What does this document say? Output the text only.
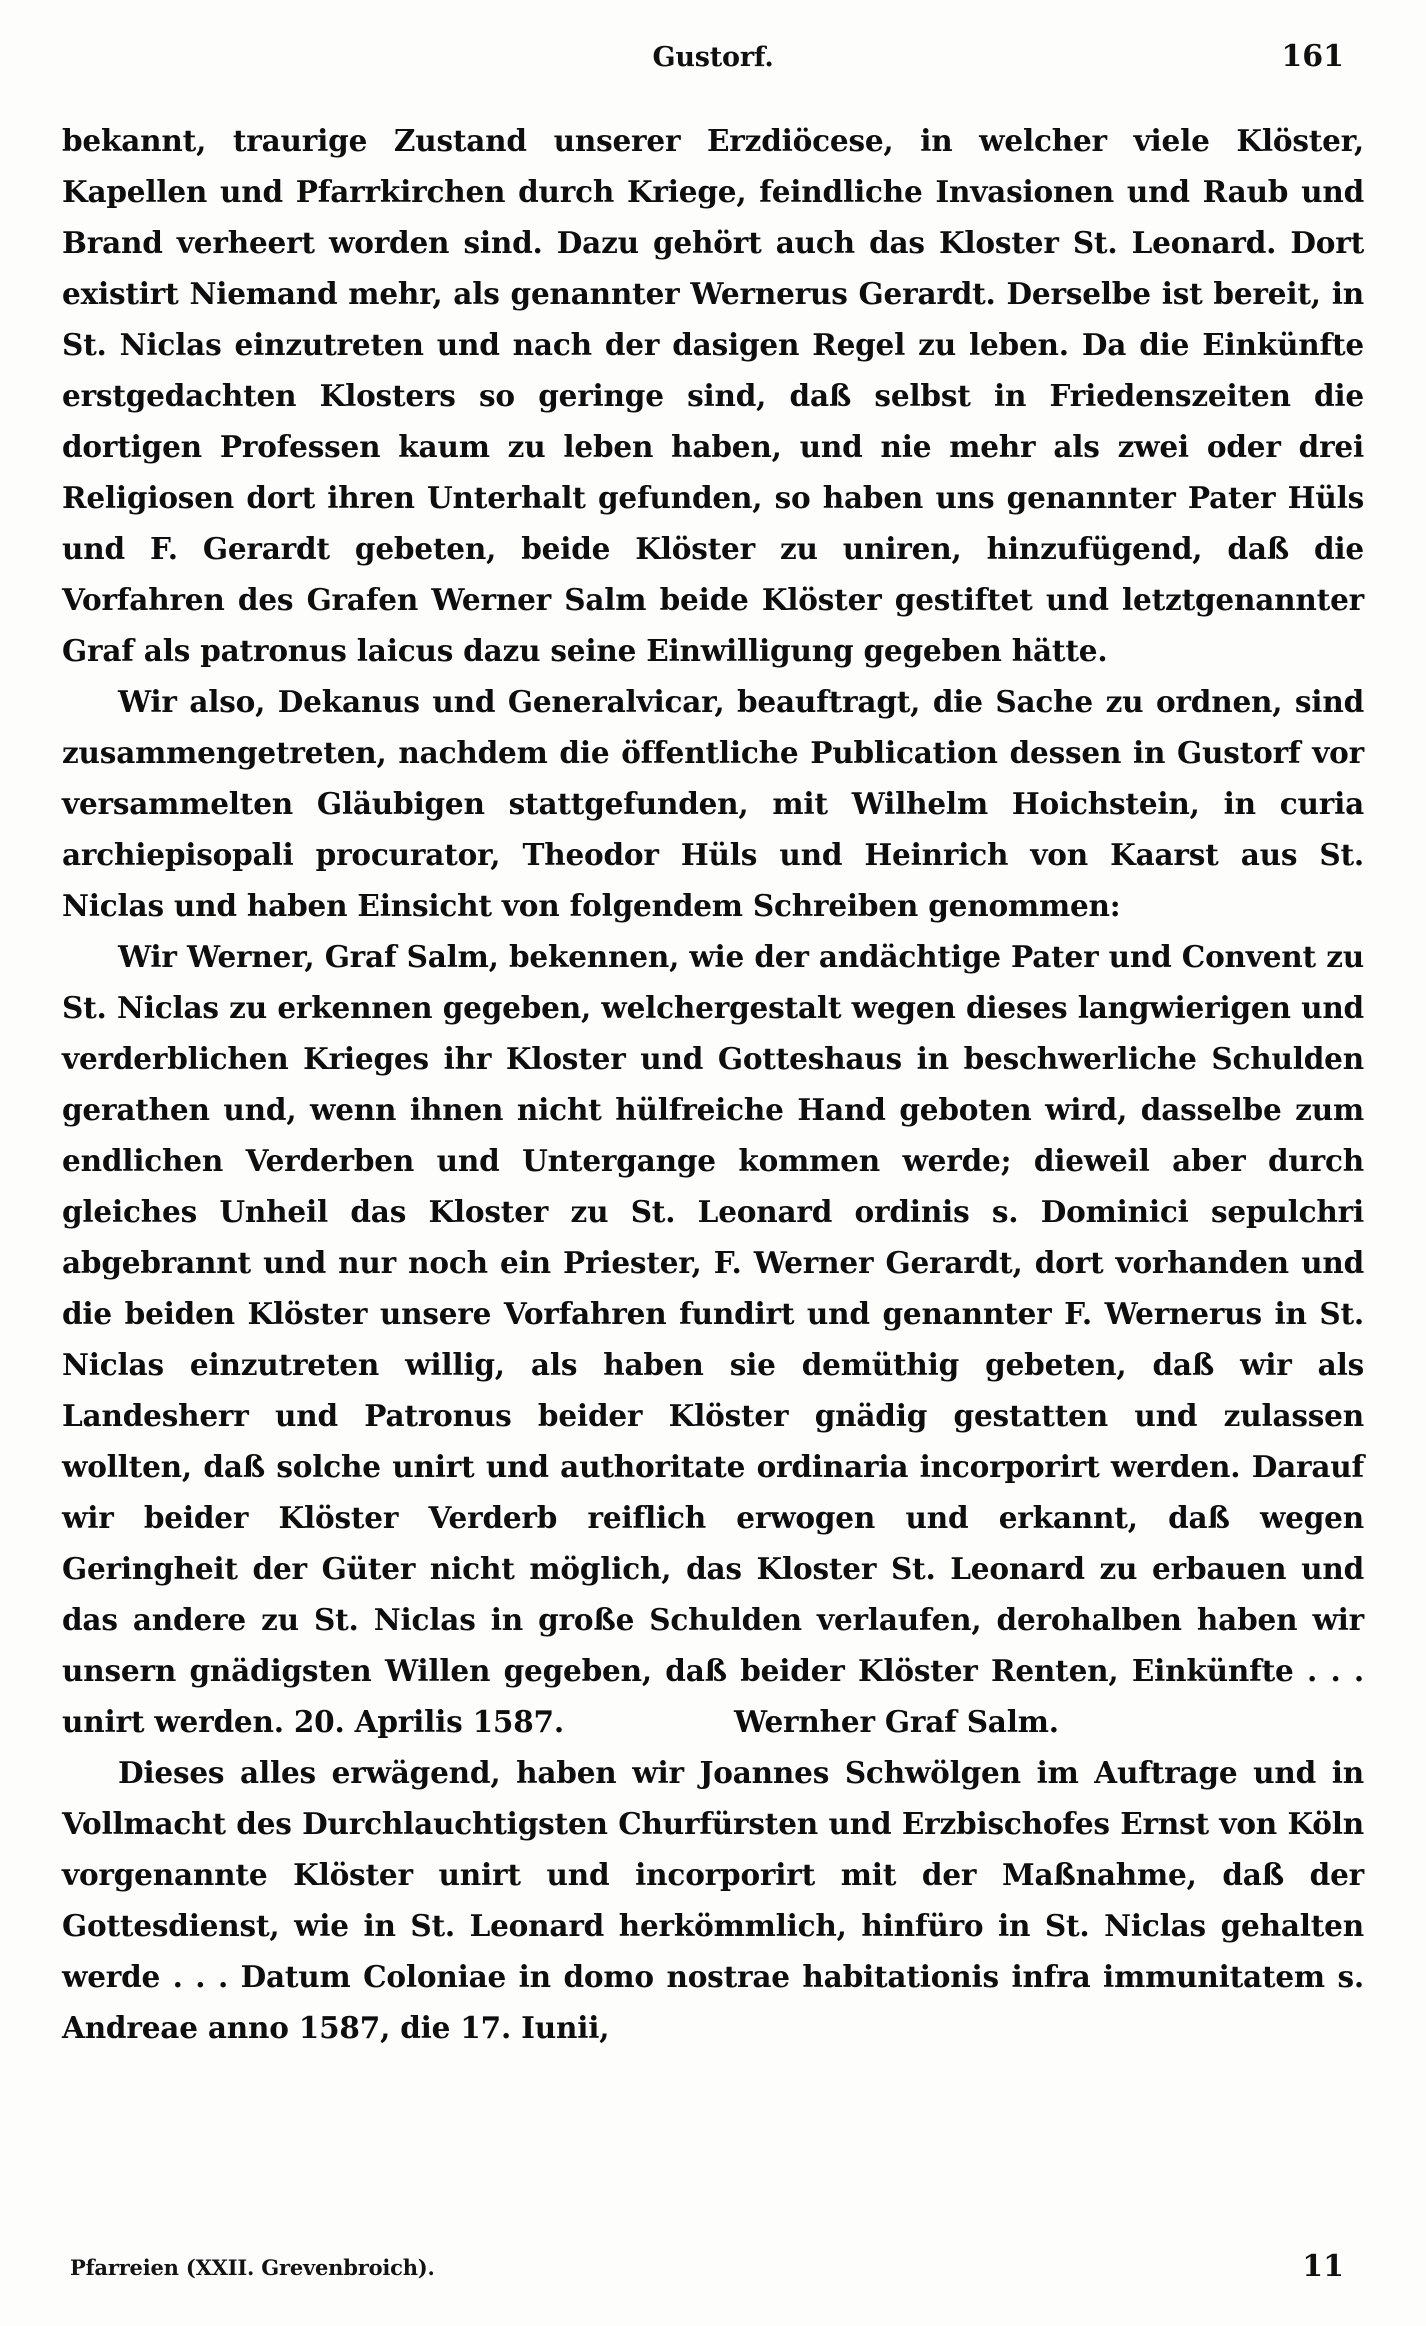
Gustorf.	161

bekannt, traurige Zustand unserer Erzdiöcese, in welcher viele Klöster, Kapellen und Pfarrkirchen durch Kriege, feindliche Invasionen und Raub und Brand verheert worden sind. Dazu gehört auch das Kloster St. Leonard. Dort existirt Niemand mehr, als genannter Wernerus Gerardt. Derselbe ist bereit, in St. Niclas einzutreten und nach der dasigen Regel zu leben. Da die Einkünfte erstgedachten Klosters so geringe sind, daß selbst in Friedenszeiten die dortigen Professen kaum zu leben haben, und nie mehr als zwei oder drei Religiosen dort ihren Unterhalt gefunden, so haben uns genannter Pater Hüls und F. Gerardt gebeten, beide Klöster zu uniren, hinzufügend, daß die Vorfahren des Grafen Werner Salm beide Klöster gestiftet und letztgenannter Graf als patronus laicus dazu seine Einwilligung gegeben hätte.

Wir also, Dekanus und Generalvicar, beauftragt, die Sache zu ordnen, sind zusammengetreten, nachdem die öffentliche Publication dessen in Gustorf vor versammelten Gläubigen stattgefunden, mit Wilhelm Hoichstein, in curia archiepisopali procurator, Theodor Hüls und Heinrich von Kaarst aus St. Niclas und haben Einsicht von folgendem Schreiben genommen:

Wir Werner, Graf Salm, bekennen, wie der andächtige Pater und Convent zu St. Niclas zu erkennen gegeben, welchergestalt wegen dieses langwierigen und verderblichen Krieges ihr Kloster und Gotteshaus in beschwerliche Schulden gerathen und, wenn ihnen nicht hülfreiche Hand geboten wird, dasselbe zum endlichen Verderben und Untergange kommen werde; dieweil aber durch gleiches Unheil das Kloster zu St. Leonard ordinis s. Dominici sepulchri abgebrannt und nur noch ein Priester, F. Werner Gerardt, dort vorhanden und die beiden Klöster unsere Vorfahren fundirt und genannter F. Wernerus in St. Niclas einzutreten willig, als haben sie demüthig gebeten, daß wir als Landesherr und Patronus beider Klöster gnädig gestatten und zulassen wollten, daß solche unirt und authoritate ordinaria incorporirt werden. Darauf wir beider Klöster Verderb reiflich erwogen und erkannt, daß wegen Geringheit der Güter nicht möglich, das Kloster St. Leonard zu erbauen und das andere zu St. Niclas in große Schulden verlaufen, derohalben haben wir unsern gnädigsten Willen gegeben, daß beider Klöster Renten, Einkünfte . . . unirt werden. 20. Aprilis 1587.	Wernher Graf Salm.

Dieses alles erwägend, haben wir Joannes Schwölgen im Auftrage und in Vollmacht des Durchlauchtigsten Churfürsten und Erzbischofes Ernst von Köln vorgenannte Klöster unirt und incorporirt mit der Maßnahme, daß der Gottesdienst, wie in St. Leonard herkömmlich, hinfüro in St. Niclas gehalten werde . . . Datum Coloniae in domo nostrae habitationis infra immunitatem s. Andreae anno 1587, die 17. Iunii,

Pfarreien (XXII. Grevenbroich).	11
